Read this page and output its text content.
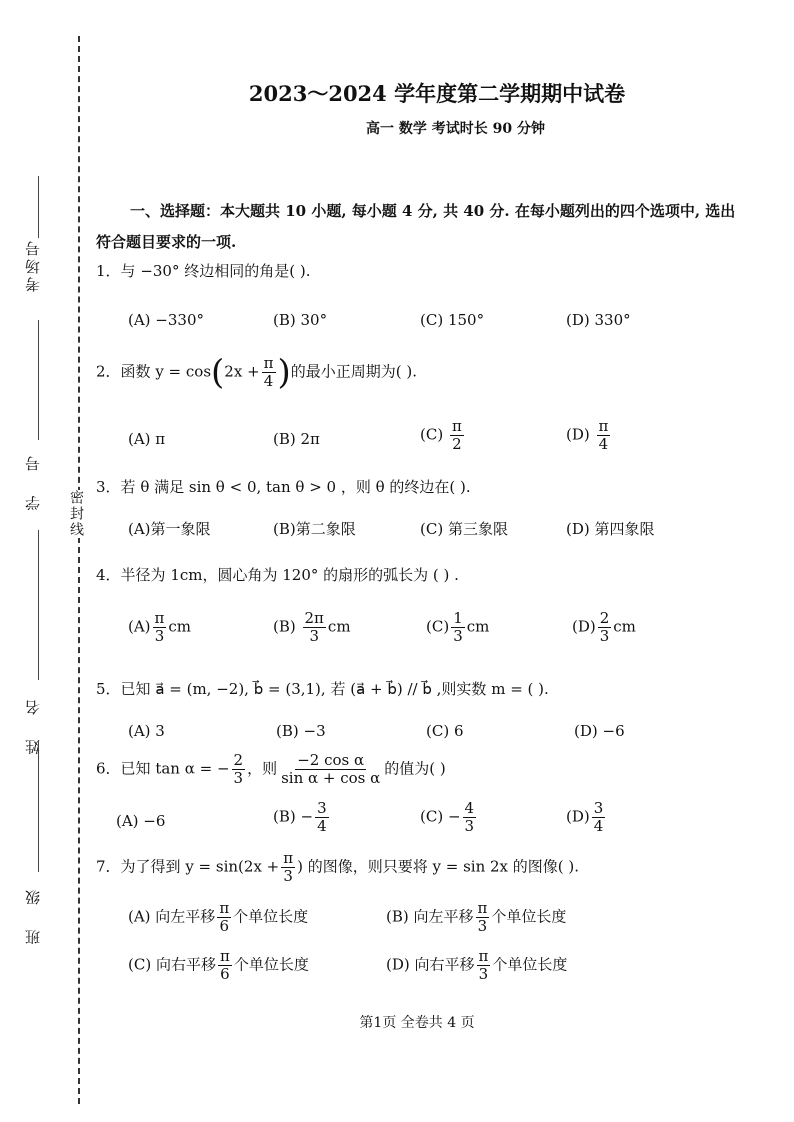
密封线
考场号
学 号
姓 名
班 级
2023～2024 学年度第二学期期中试卷
高一 数学 考试时长 90 分钟
一、选择题：本大题共 10 小题, 每小题 4 分, 共 40 分. 在每小题列出的四个选项中, 选出符合题目要求的一项.
1．与 −30° 终边相同的角是( ).
(A) −330°	(B) 30°	(C) 150°	(D) 330°
2．函数 $y = \cos(2x + \frac{\pi}{4}$ )的最小正周期为( ).
(A) π	(B) 2π	$(C) \frac{\pi}{2}$	$(D) \frac{\pi}{4}$
3．若 θ 满足 sin θ < 0, tan θ > 0 ，则 θ 的终边在( ).
(A)第一象限	(B)第二象限	(C) 第三象限	(D) 第四象限
4．半径为 1cm，圆心角为 120° 的扇形的弧长为 ( ) .
$(A) \frac{\pi}{3}$ cm	$(B) \frac{2\pi}{3}$ cm	$(C) \frac{1}{3}$ cm	$(D) \frac{2}{3}$ cm
5．已知 a⃗ = (m, −2), b⃗ = (3,1), 若 (a⃗ + b⃗) // b⃗ ,则实数 m = ( ).
(A) 3	(B) −3	(C) 6	(D) −6
6．已知 tan α = − $\frac{2}{3}$ ，则 $\frac{\text{−2 cos α}}{\text{sin α + cos α}}$ 的值为( )
(A) −6	$(B) - \frac{3}{4}$	$(C) - \frac{4}{3}$	$(D) \frac{3}{4}$
7．为了得到 $y = \sin(2x + \frac{\pi}{3}$ ) 的图像，则只要将 y = sin 2x 的图像( ).
(A) 向左平移 $\frac{\pi}{6}$ 个单位长度	(B) 向左平移 $\frac{\pi}{3}$ 个单位长度
(C) 向右平移 $\frac{\pi}{6}$ 个单位长度	(D) 向右平移 $\frac{\pi}{3}$ 个单位长度
第1页 全卷共 4 页
